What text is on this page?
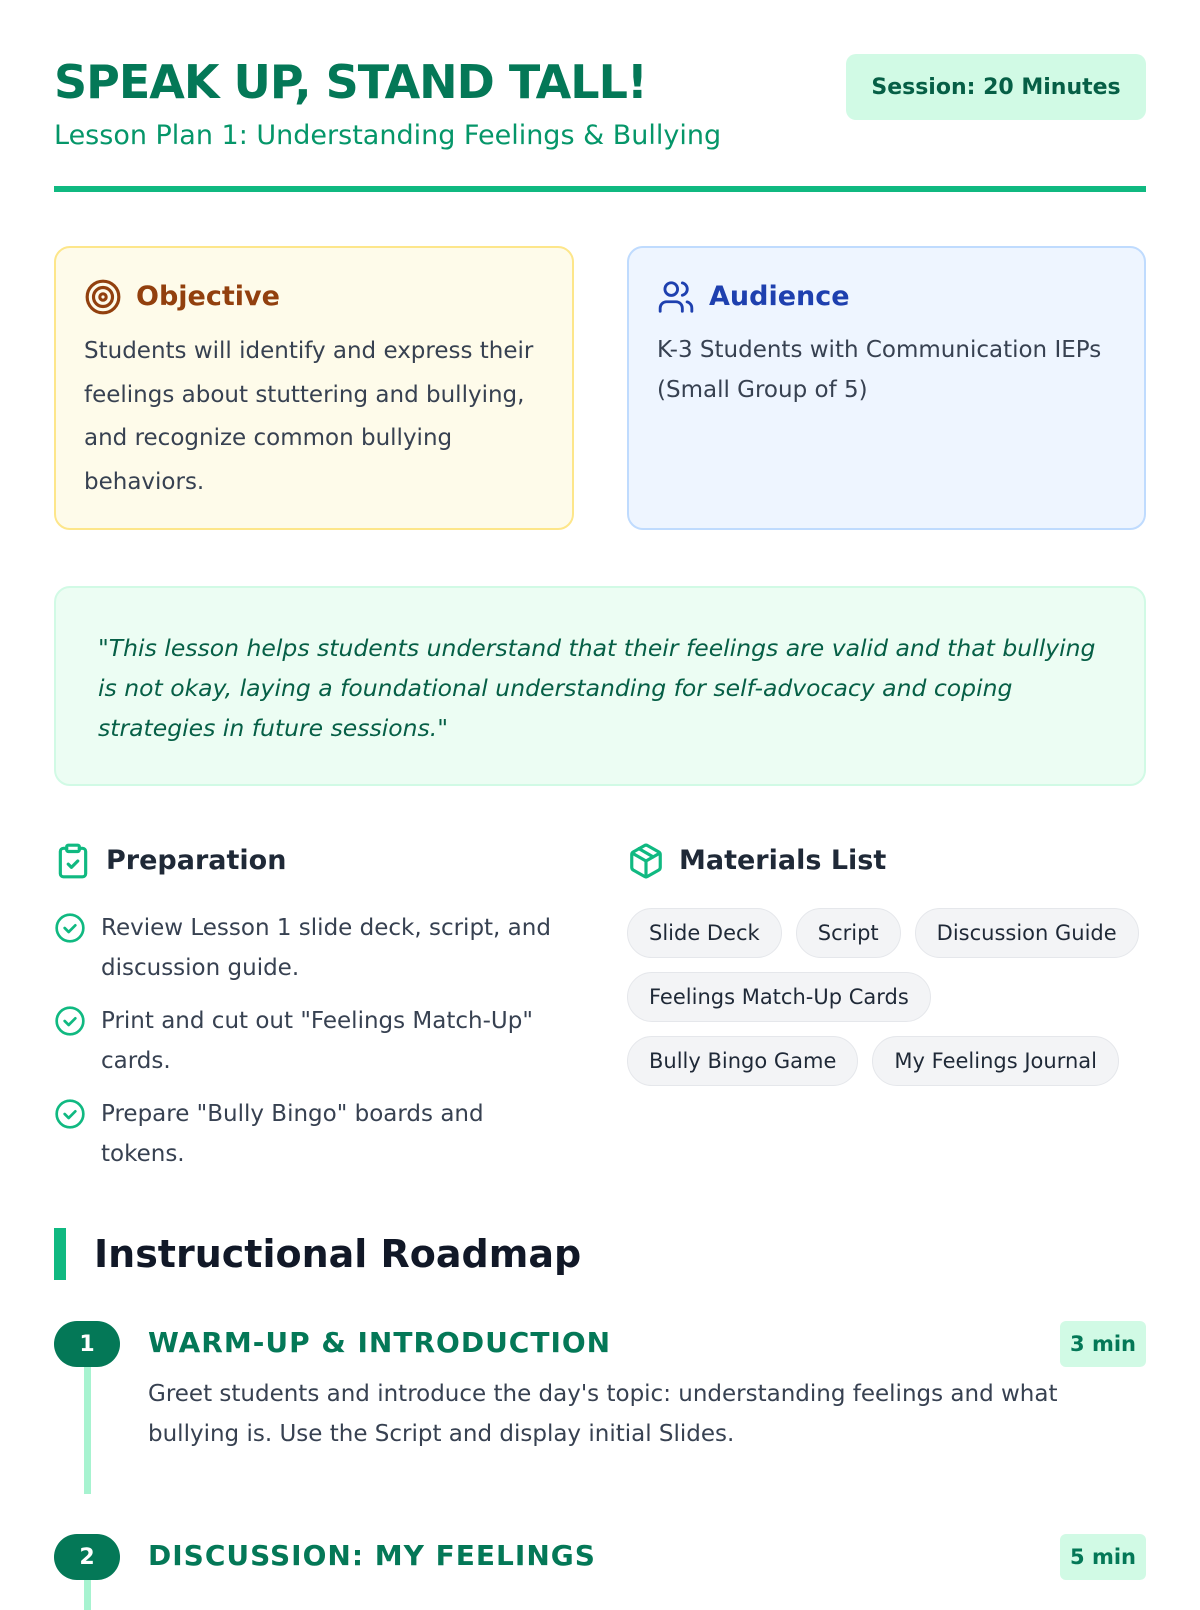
SPEAK UP, STAND TALL!

Lesson Plan 1: Understanding Feelings & Bullying

Session: 20 Minutes
Objective

Students will identify and express their feelings about stuttering and bullying, and recognize common bullying behaviors.

Audience

K-3 Students with Communication IEPs (Small Group of 5)

"This lesson helps students understand that their feelings are valid and that bullying is not okay, laying a foundational understanding for self-advocacy and coping strategies in future sessions."

Preparation
Review Lesson 1 slide deck, script, and discussion guide.
Print and cut out "Feelings Match-Up" cards.
Prepare "Bully Bingo" boards and tokens.
Materials List
Slide Deck	Script	Discussion Guide
Feelings Match-Up Cards
Bully Bingo Game	My Feelings Journal
Instructional Roadmap
1	WARM-UP & INTRODUCTION	3 min

Greet students and introduce the day's topic: understanding feelings and what bullying is. Use the Script and display initial Slides.

2	DISCUSSION: MY FEELINGS	5 min
